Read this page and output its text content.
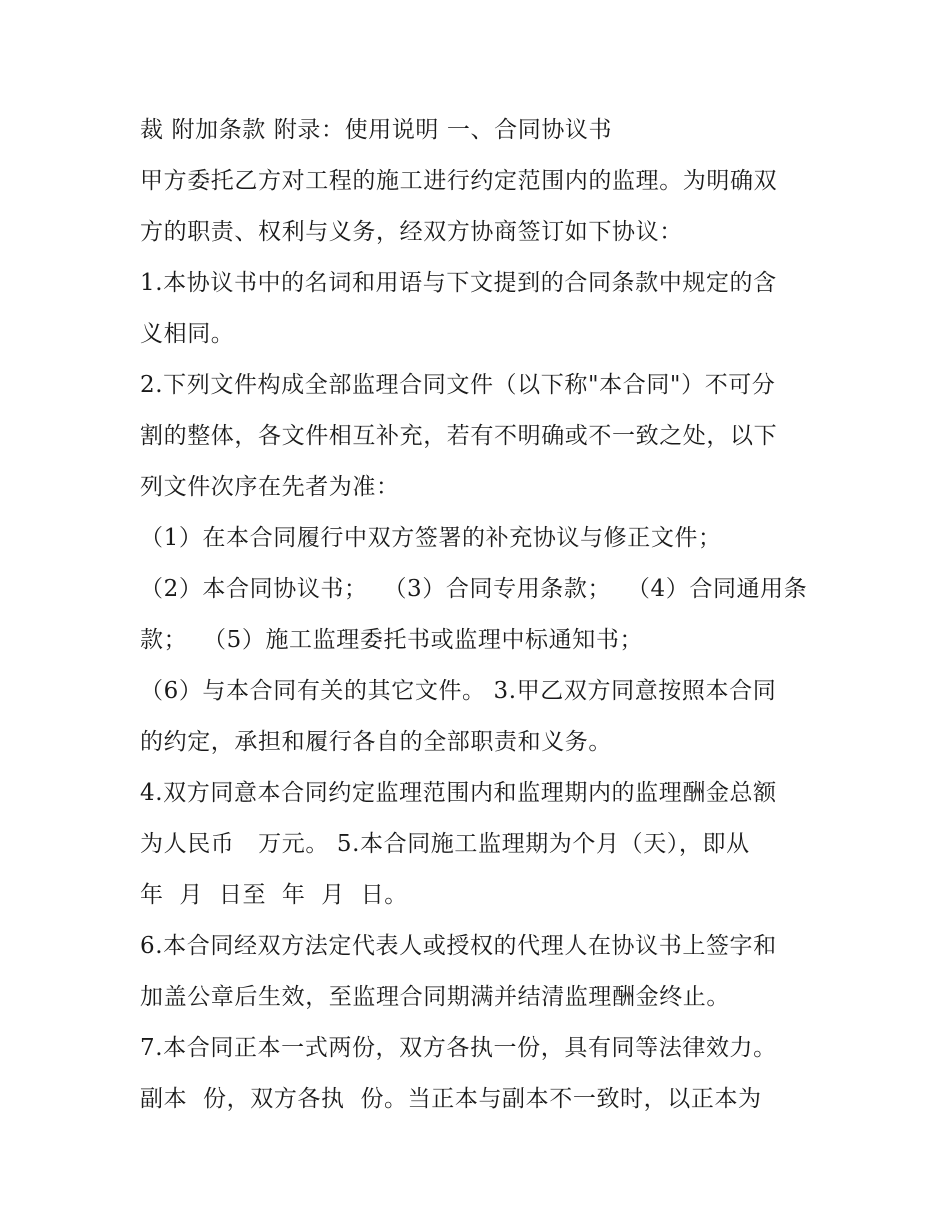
裁 附加条款 附录：使用说明 一、合同协议书
甲方委托乙方对工程的施工进行约定范围内的监理。为明确双
方的职责、权利与义务，经双方协商签订如下协议：
1.本协议书中的名词和用语与下文提到的合同条款中规定的含
义相同。
2.下列文件构成全部监理合同文件（以下称"本合同"）不可分
割的整体，各文件相互补充，若有不明确或不一致之处，以下
列文件次序在先者为准：
（1）在本合同履行中双方签署的补充协议与修正文件；
（2）本合同协议书；  （3）合同专用条款；  （4）合同通用条
款；  （5）施工监理委托书或监理中标通知书；
（6）与本合同有关的其它文件。 3.甲乙双方同意按照本合同
的约定，承担和履行各自的全部职责和义务。
4.双方同意本合同约定监理范围内和监理期内的监理酬金总额
为人民币   万元。 5.本合同施工监理期为个月（天），即从
年  月  日至  年  月  日。
6.本合同经双方法定代表人或授权的代理人在协议书上签字和
加盖公章后生效，至监理合同期满并结清监理酬金终止。
7.本合同正本一式两份，双方各执一份，具有同等法律效力。
副本  份，双方各执  份。当正本与副本不一致时，以正本为
